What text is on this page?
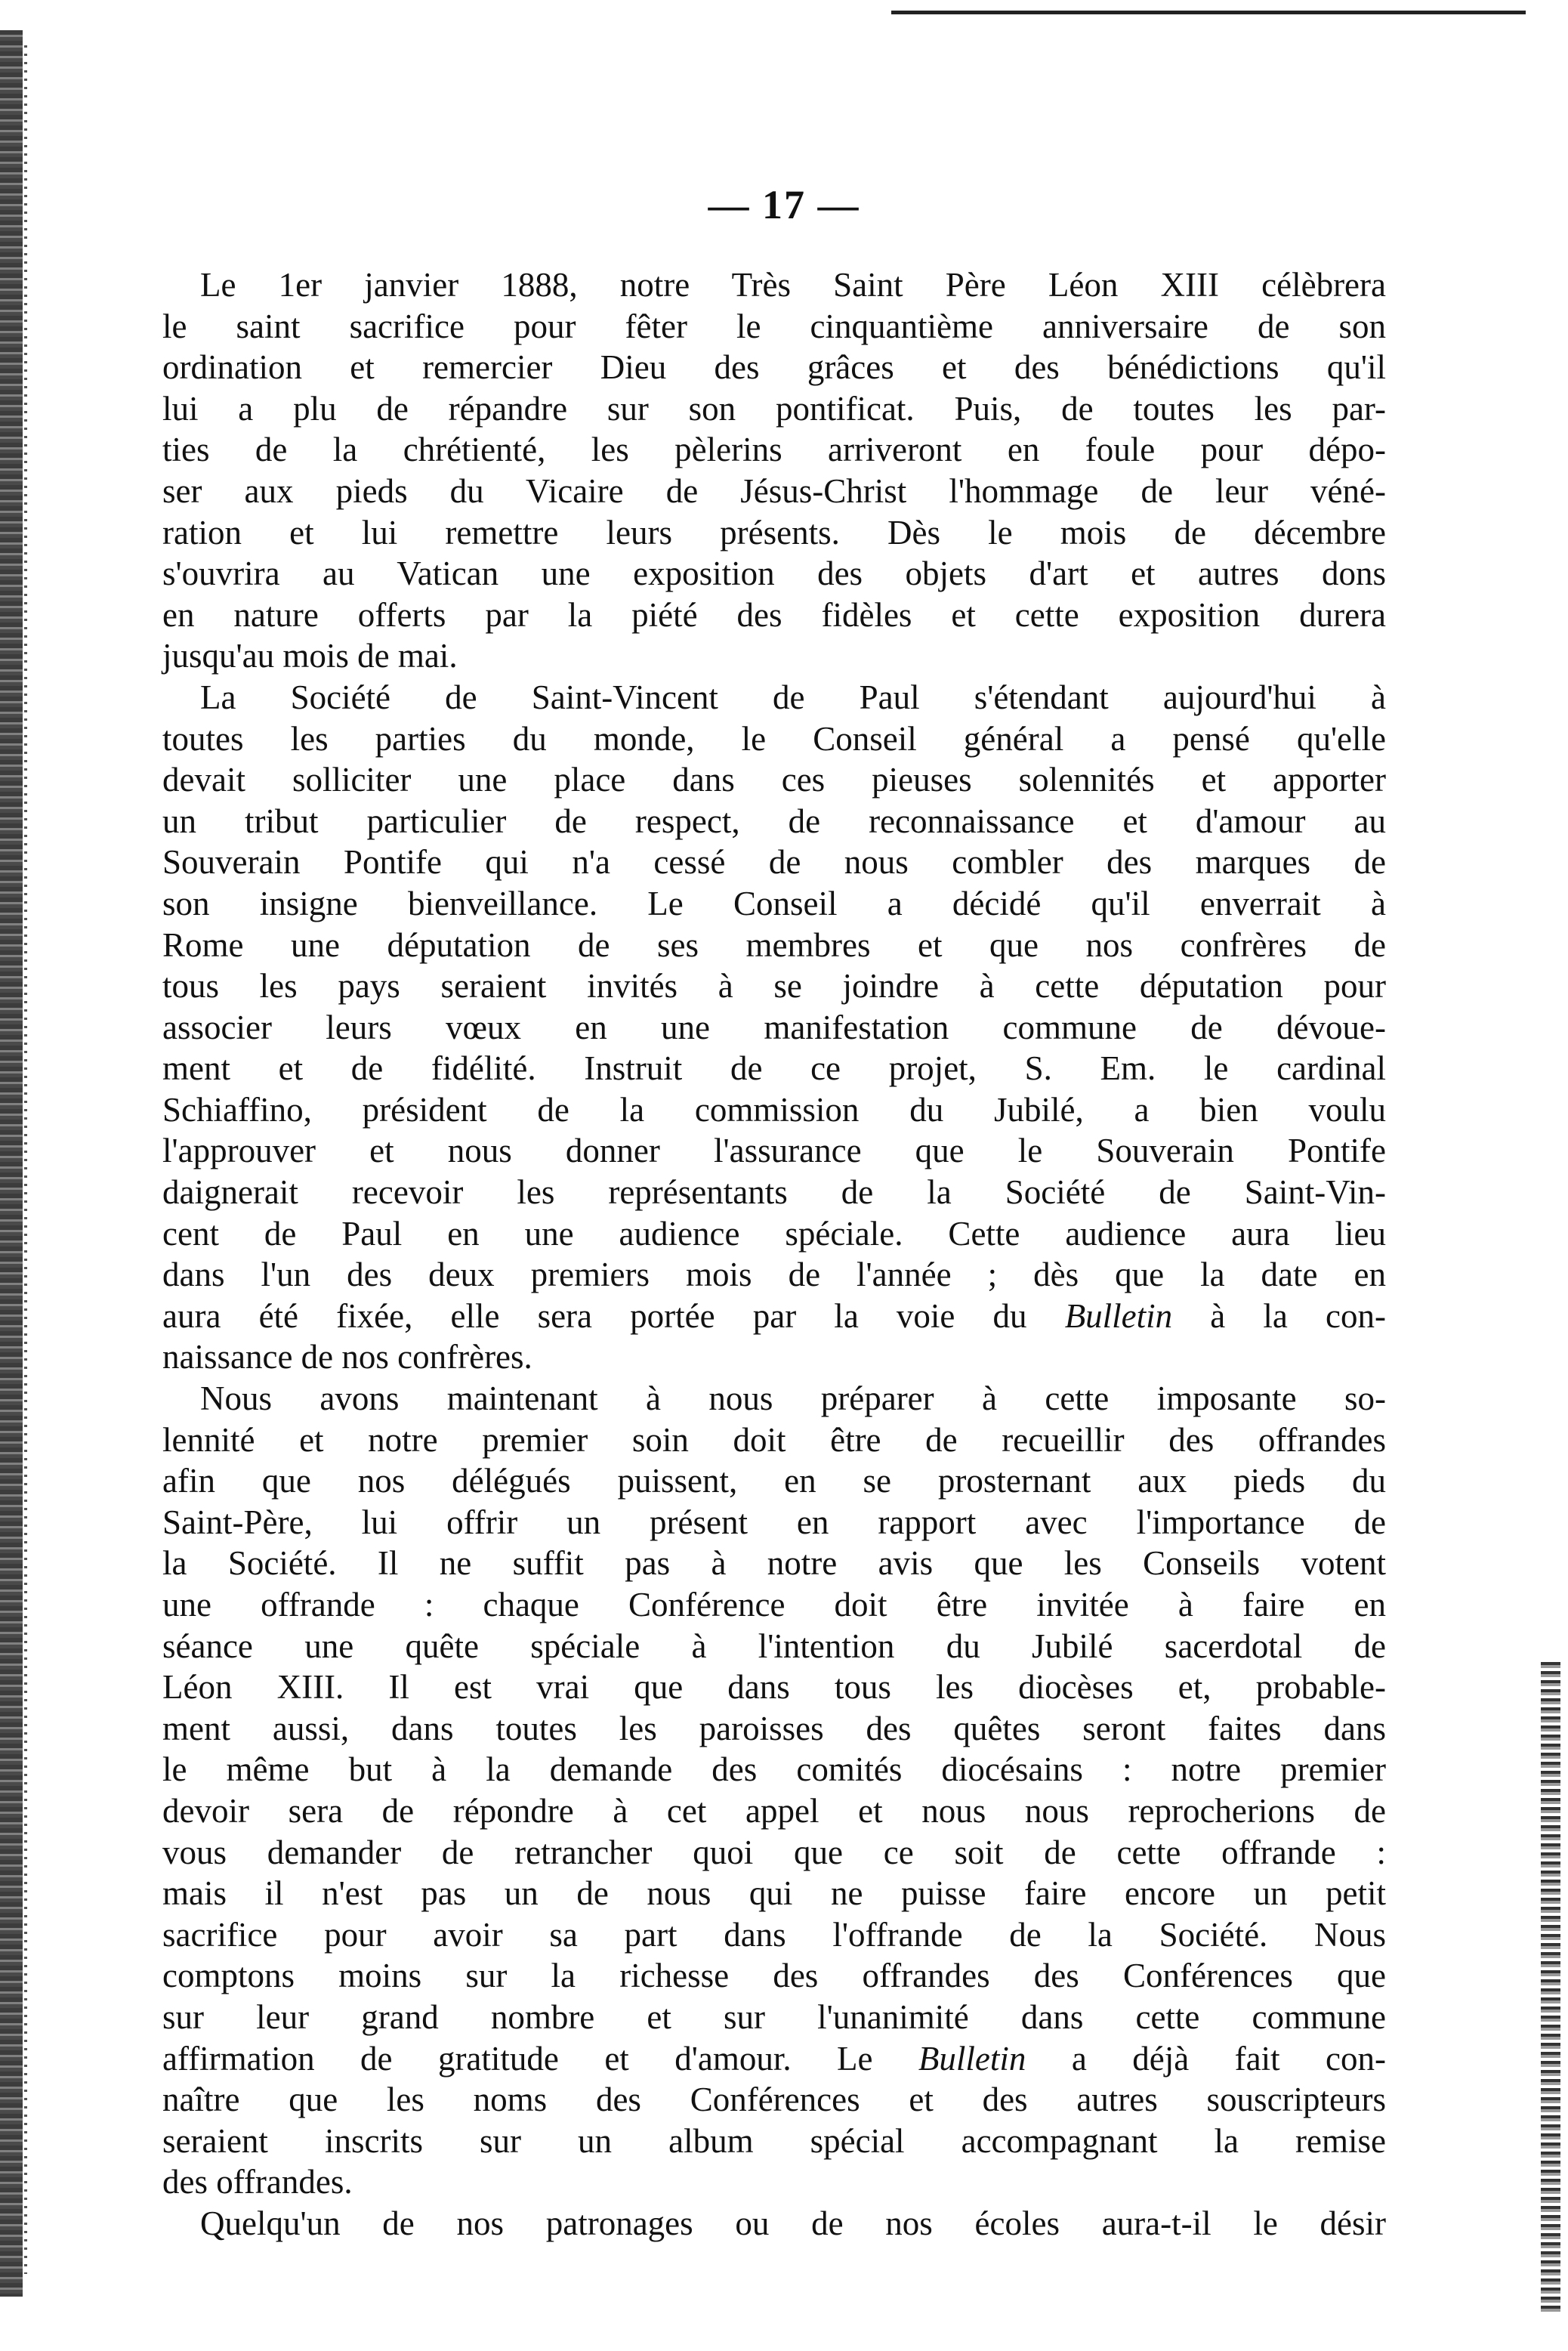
— 17 —
Le 1er janvier 1888, notre Très Saint Père Léon XIII célèbrera
le saint sacrifice pour fêter le cinquantième anniversaire de son
ordination et remercier Dieu des grâces et des bénédictions qu'il
lui a plu de répandre sur son pontificat. Puis, de toutes les par-
ties de la chrétienté, les pèlerins arriveront en foule pour dépo-
ser aux pieds du Vicaire de Jésus-Christ l'hommage de leur véné-
ration et lui remettre leurs présents. Dès le mois de décembre
s'ouvrira au Vatican une exposition des objets d'art et autres dons
en nature offerts par la piété des fidèles et cette exposition durera
jusqu'au mois de mai.
La Société de Saint-Vincent de Paul s'étendant aujourd'hui à
toutes les parties du monde, le Conseil général a pensé qu'elle
devait solliciter une place dans ces pieuses solennités et apporter
un tribut particulier de respect, de reconnaissance et d'amour au
Souverain Pontife qui n'a cessé de nous combler des marques de
son insigne bienveillance. Le Conseil a décidé qu'il enverrait à
Rome une députation de ses membres et que nos confrères de
tous les pays seraient invités à se joindre à cette députation pour
associer leurs vœux en une manifestation commune de dévoue-
ment et de fidélité. Instruit de ce projet, S. Em. le cardinal
Schiaffino, président de la commission du Jubilé, a bien voulu
l'approuver et nous donner l'assurance que le Souverain Pontife
daignerait recevoir les représentants de la Société de Saint-Vin-
cent de Paul en une audience spéciale. Cette audience aura lieu
dans l'un des deux premiers mois de l'année ; dès que la date en
aura été fixée, elle sera portée par la voie du Bulletin à la con-
naissance de nos confrères.
Nous avons maintenant à nous préparer à cette imposante so-
lennité et notre premier soin doit être de recueillir des offrandes
afin que nos délégués puissent, en se prosternant aux pieds du
Saint-Père, lui offrir un présent en rapport avec l'importance de
la Société. Il ne suffit pas à notre avis que les Conseils votent
une offrande : chaque Conférence doit être invitée à faire en
séance une quête spéciale à l'intention du Jubilé sacerdotal de
Léon XIII. Il est vrai que dans tous les diocèses et, probable-
ment aussi, dans toutes les paroisses des quêtes seront faites dans
le même but à la demande des comités diocésains : notre premier
devoir sera de répondre à cet appel et nous nous reprocherions de
vous demander de retrancher quoi que ce soit de cette offrande :
mais il n'est pas un de nous qui ne puisse faire encore un petit
sacrifice pour avoir sa part dans l'offrande de la Société. Nous
comptons moins sur la richesse des offrandes des Conférences que
sur leur grand nombre et sur l'unanimité dans cette commune
affirmation de gratitude et d'amour. Le Bulletin a déjà fait con-
naître que les noms des Conférences et des autres souscripteurs
seraient inscrits sur un album spécial accompagnant la remise
des offrandes.
Quelqu'un de nos patronages ou de nos écoles aura-t-il le désir
